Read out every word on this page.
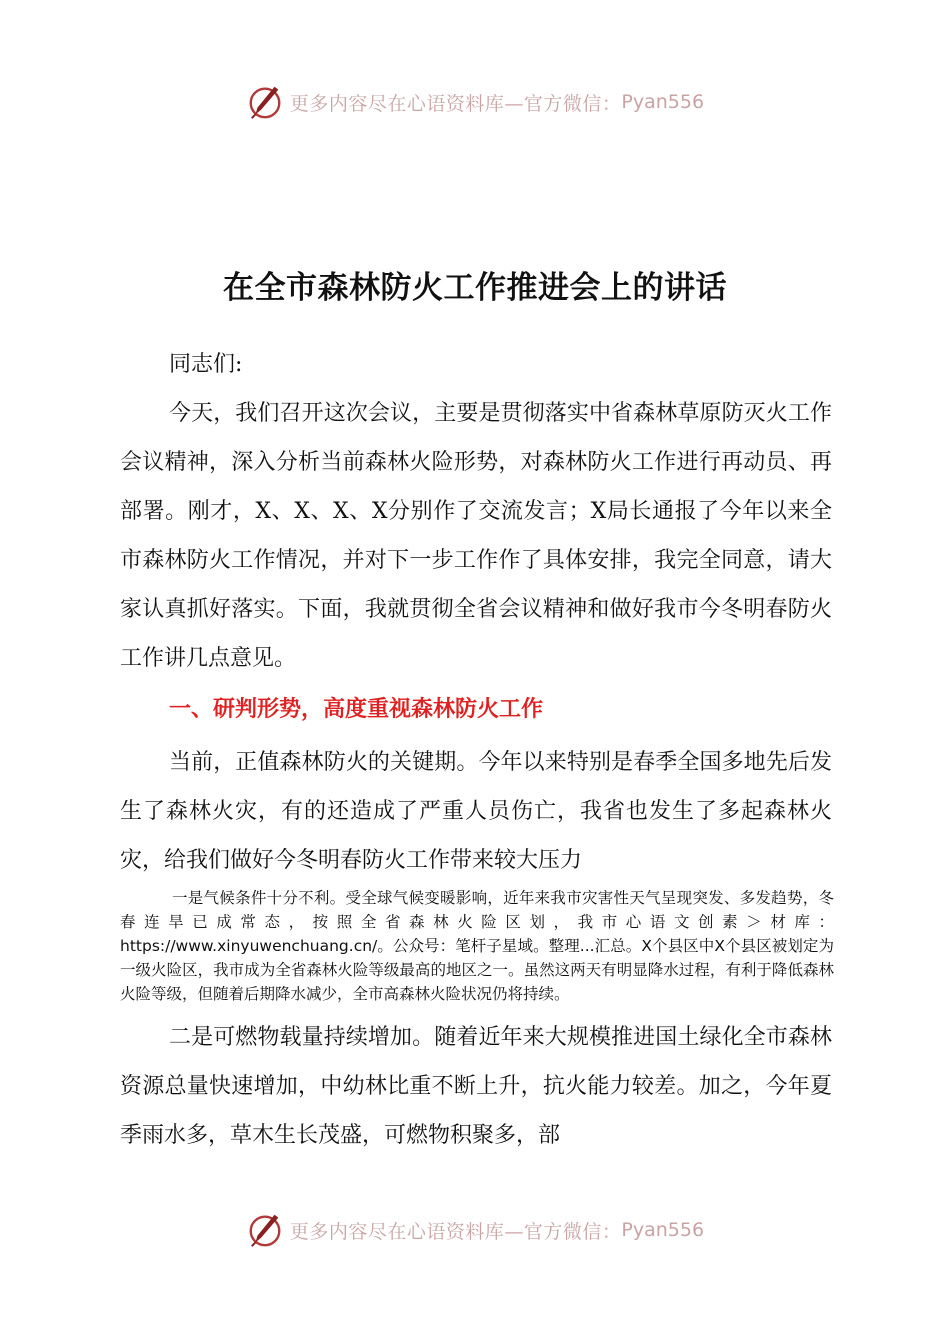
更多内容尽在心语资料库—官方微信： Pyan556
在全市森林防火工作推进会上的讲话
同志们:
今天，我们召开这次会议，主要是贯彻落实中省森林草原防灭火工作会议精神，深入分析当前森林火险形势，对森林防火工作进行再动员、再部署。刚才，X、X、X、X分别作了交流发言；X局长通报了今年以来全市森林防火工作情况，并对下一步工作作了具体安排，我完全同意，请大家认真抓好落实。下面，我就贯彻全省会议精神和做好我市今冬明春防火工作讲几点意见。
一、研判形势，高度重视森林防火工作
当前，正值森林防火的关键期。今年以来特别是春季全国多地先后发生了森林火灾，有的还造成了严重人员伤亡，我省也发生了多起森林火灾，给我们做好今冬明春防火工作带来较大压力
一是气候条件十分不利。受全球气候变暖影响，近年来我市灾害性天气呈现突发、多发趋势，冬春连旱已成常态，按照全省森林火险区划，我市心语文创素＞材库：https://www.xinyuwenchuang.cn/。公众号：笔杆子星域。整理...汇总。X个县区中X个县区被划定为一级火险区，我市成为全省森林火险等级最高的地区之一。虽然这两天有明显降水过程，有利于降低森林火险等级，但随着后期降水减少，全市高森林火险状况仍将持续。
二是可燃物载量持续增加。随着近年来大规模推进国土绿化全市森林资源总量快速增加，中幼林比重不断上升，抗火能力较差。加之，今年夏季雨水多，草木生长茂盛，可燃物积聚多，部
更多内容尽在心语资料库—官方微信： Pyan556
